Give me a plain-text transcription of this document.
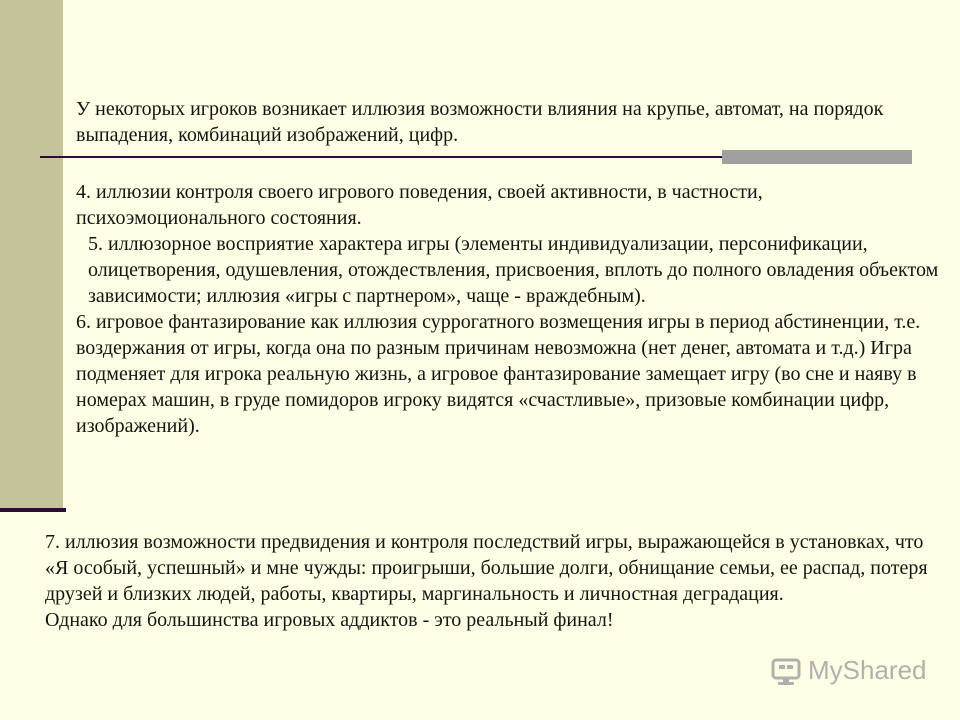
У некоторых игроков возникает иллюзия возможности влияния на крупье, автомат, на порядок выпадения, комбинаций изображений, цифр.

4. иллюзии контроля своего игрового поведения, своей активности, в частности, психоэмоционального состояния.

5. иллюзорное восприятие характера игры (элементы индивидуализации, персонификации, олицетворения, одушевления, отождествления, присвоения, вплоть до полного овладения объектом зависимости; иллюзия «игры с партнером», чаще - враждебным).

6. игровое фантазирование как иллюзия суррогатного возмещения игры в период абстиненции, т.е. воздержания от игры, когда она по разным причинам невозможна (нет денег, автомата и т.д.) Игра подменяет для игрока реальную жизнь, а игровое фантазирование замещает игру (во сне и наяву в номерах машин, в груде помидоров игроку видятся «счастливые», призовые комбинации цифр, изображений).

7. иллюзия возможности предвидения и контроля последствий игры, выражающейся в установках, что «Я особый, успешный» и мне чужды: проигрыши, большие долги, обнищание семьи, ее распад, потеря друзей и близких людей, работы, квартиры, маргинальность и личностная деградация.

Однако для большинства игровых аддиктов - это реальный финал!

MyShared
